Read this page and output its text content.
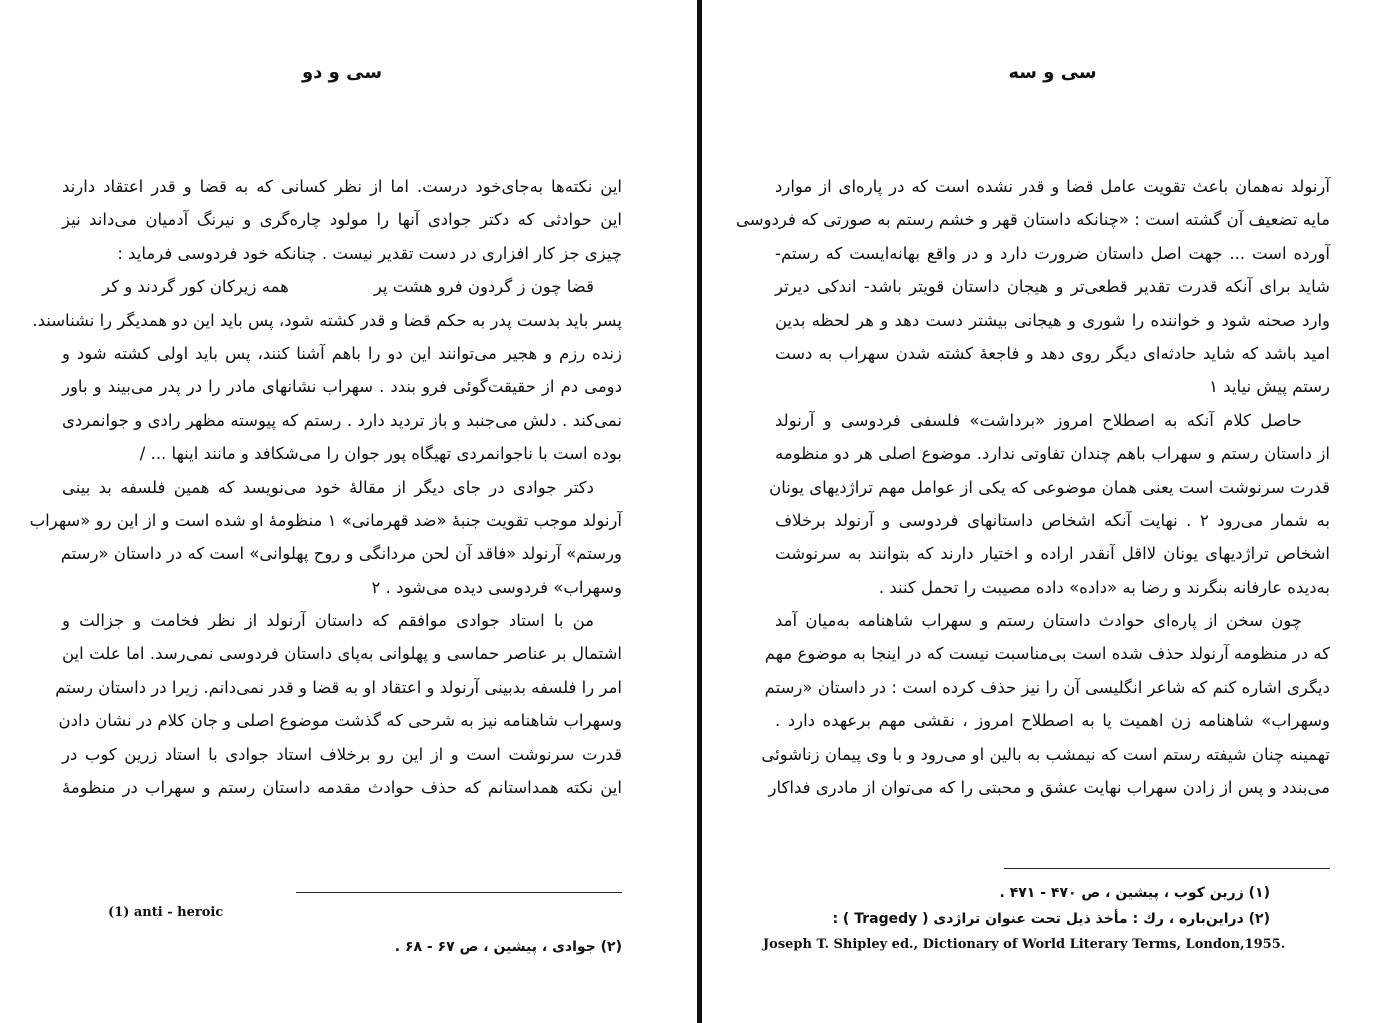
سی و دو
این نکته‌ها به‌جای‌خود درست. اما از نظر کسانی که به قضا و قدر اعتقاد دارند
این حوادثی که دکتر جوادی آنها را مولود چاره‌گری و نیرنگ آدمیان می‌داند نیز
چیزی جز کار افزاری در دست تقدیر نیست . چنانکه خود فردوسی فرماید :
قضا چون ز گردون فرو هشت پر
همه زیرکان کور گردند و کر
پسر باید بدست پدر به حکم قضا و قدر کشته شود، پس باید این دو همدیگر را نشناسند.
زنده رزم و هجیر می‌توانند این دو را باهم آشنا کنند، پس باید اولی کشته شود و
دومی دم از حقیقت‌گوئی فرو بندد . سهراب نشانهای مادر را در پدر می‌بیند و باور
نمی‌کند . دلش می‌جنبد و باز تردید دارد . رستم که پیوسته مظهر رادی و جوانمردی
بوده است با ناجوانمردی تهیگاه پور جوان را می‌شکافد و مانند اینها ... /
دکتر جوادی در جای دیگر از مقالهٔ خود می‌نویسد که همین فلسفه بد بینی
آرنولد موجب تقویت جنبهٔ «ضد قهرمانی» ۱ منظومهٔ او شده است و از این رو «سهراب
ورستم» آرنولد «فاقد آن لحن مردانگی و روح پهلوانی» است که در داستان «رستم
وسهراب» فردوسی دیده می‌شود . ۲
من با استاد جوادی موافقم که داستان آرنولد از نظر فخامت و جزالت و
اشتمال بر عناصر حماسی و پهلوانی به‌پای داستان فردوسی نمی‌رسد. اما علت این
امر را فلسفه بدبینی آرنولد و اعتقاد او به قضا و قدر نمی‌دانم. زیرا در داستان رستم
وسهراب شاهنامه نیز به شرحی که گذشت موضوع اصلی و جان کلام در نشان دادن
قدرت سرنوشت است و از این رو برخلاف استاد جوادی با استاد زرین کوب در
این نکته همداستانم که حذف حوادث مقدمه داستان رستم و سهراب در منظومهٔ
(1) anti - heroic
(۲) جوادی ، پیشین ، ص ۶۷ - ۶۸ .
سی و سه
آرنولد نه‌همان باعث تقویت عامل قضا و قدر نشده است که در پاره‌ای از موارد
مایه تضعیف آن گشته است : «چنانکه داستان قهر و خشم رستم به صورتی که فردوسی
آورده است ... جهت اصل داستان ضرورت دارد و در واقع بهانه‌ایست که رستم-
شاید برای آنکه قدرت تقدیر قطعی‌تر و هیجان داستان قویتر باشد- اندکی دیرتر
وارد صحنه شود و خواننده را شوری و هیجانی بیشتر دست دهد و هر لحظه بدین
امید باشد که شاید حادثه‌ای دیگر روی دهد و فاجعهٔ کشته شدن سهراب به دست
رستم پیش نیاید ۱
حاصل کلام آنکه به اصطلاح امروز «برداشت» فلسفی فردوسی و آرنولد
از داستان رستم و سهراب باهم چندان تفاوتی ندارد. موضوع اصلی هر دو منظومه
قدرت سرنوشت است یعنی همان موضوعی که یکی از عوامل مهم تراژدیهای یونان
به شمار می‌رود ۲ . نهایت آنکه اشخاص داستانهای فردوسی و آرنولد برخلاف
اشخاص تراژدیهای یونان لااقل آنقدر اراده و اختیار دارند که بتوانند به سرنوشت
به‌دیده عارفانه بنگرند و رضا به «داده» داده مصیبت را تحمل کنند .
چون سخن از پاره‌ای حوادث داستان رستم و سهراب شاهنامه به‌میان آمد
که در منظومه آرنولد حذف شده است بی‌مناسبت نیست که در اینجا به موضوع مهم
دیگری اشاره کنم که شاعر انگلیسی آن را نیز حذف کرده است : در داستان «رستم
وسهراب» شاهنامه زن اهمیت یا به اصطلاح امروز ، نقشی مهم برعهده دارد .
تهمینه چنان شیفته رستم است که نیمشب به بالین او می‌رود و با وی پیمان زناشوئی
می‌بندد و پس از زادن سهراب نهایت عشق و محبتی را که می‌توان از مادری فداکار
(۱) زرین کوب ، پیشین ، ص ۴۷۰ - ۴۷۱ .
(۲) دراین‌باره ، رك : مأخذ ذیل تحت عنوان تراژدی ( Tragedy ) :
Joseph T. Shipley ed., Dictionary of World Literary Terms, London,1955.
